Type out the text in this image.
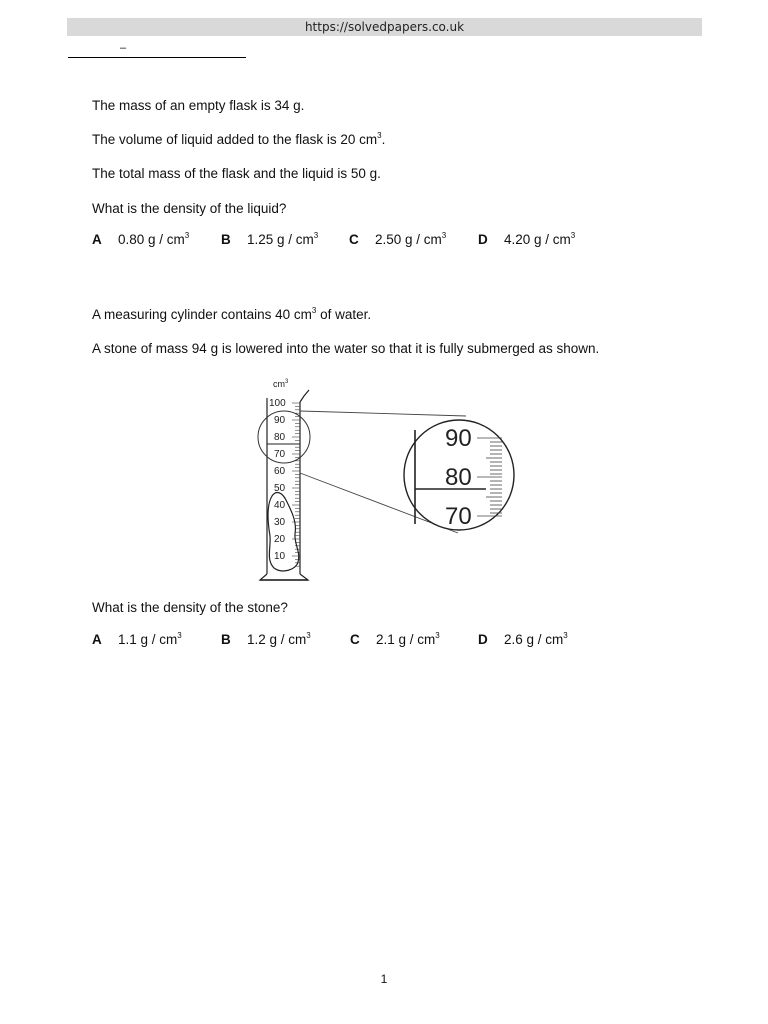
https://solvedpapers.co.uk
–
The mass of an empty flask is 34 g.
The volume of liquid added to the flask is 20 $cm^3$.
The total mass of the flask and the liquid is 50 g.
What is the density of the liquid?
A 0.80 g / $cm^3$ B 1.25 g / $cm^3$ C 2.50 g / $cm^3$ D 4.20 g / $cm^3$
A measuring cylinder contains 40 $cm^3$ of water.
A stone of mass 94 g is lowered into the water so that it is fully submerged as shown.
$cm^3$
100
90
80
70
60
50
40
30
20
10
90
80
70
What is the density of the stone?
A 1.1 g / $cm^3$	B 1.2 g / $cm^3$	C 2.1 g / $cm^3$	D 2.6 g / $cm^3$
1
